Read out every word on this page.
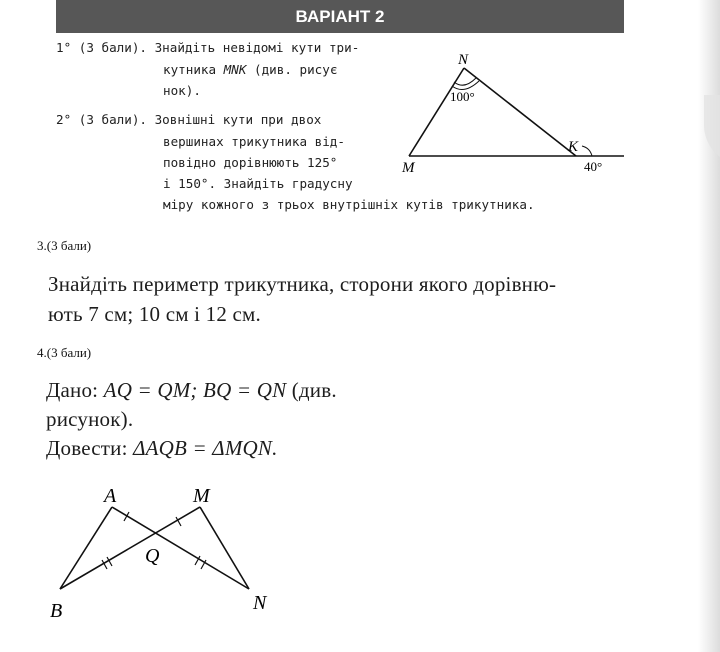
ВАРІАНТ 2
1° (3 бали). Знайдіть невідомі кути три-
кутника MNK (див. рисує
нок).
2° (3 бали). Зовнішні кути при двох
вершинах трикутника від-
повідно дорівнюють 125°
і 150°. Знайдіть градусну
міру кожного з трьох внутрішніх кутів трикутника.
N
100°
M
K
40°
3.(3 бали)
Знайдіть периметр трикутника, сторони якого дорівню-
ють 7 см; 10 см і 12 см.
4.(3 бали)
Дано: AQ = QM; BQ = QN (див.
рисунок).
Довести: ΔAQB = ΔMQN.
A	M
Q
B	N
